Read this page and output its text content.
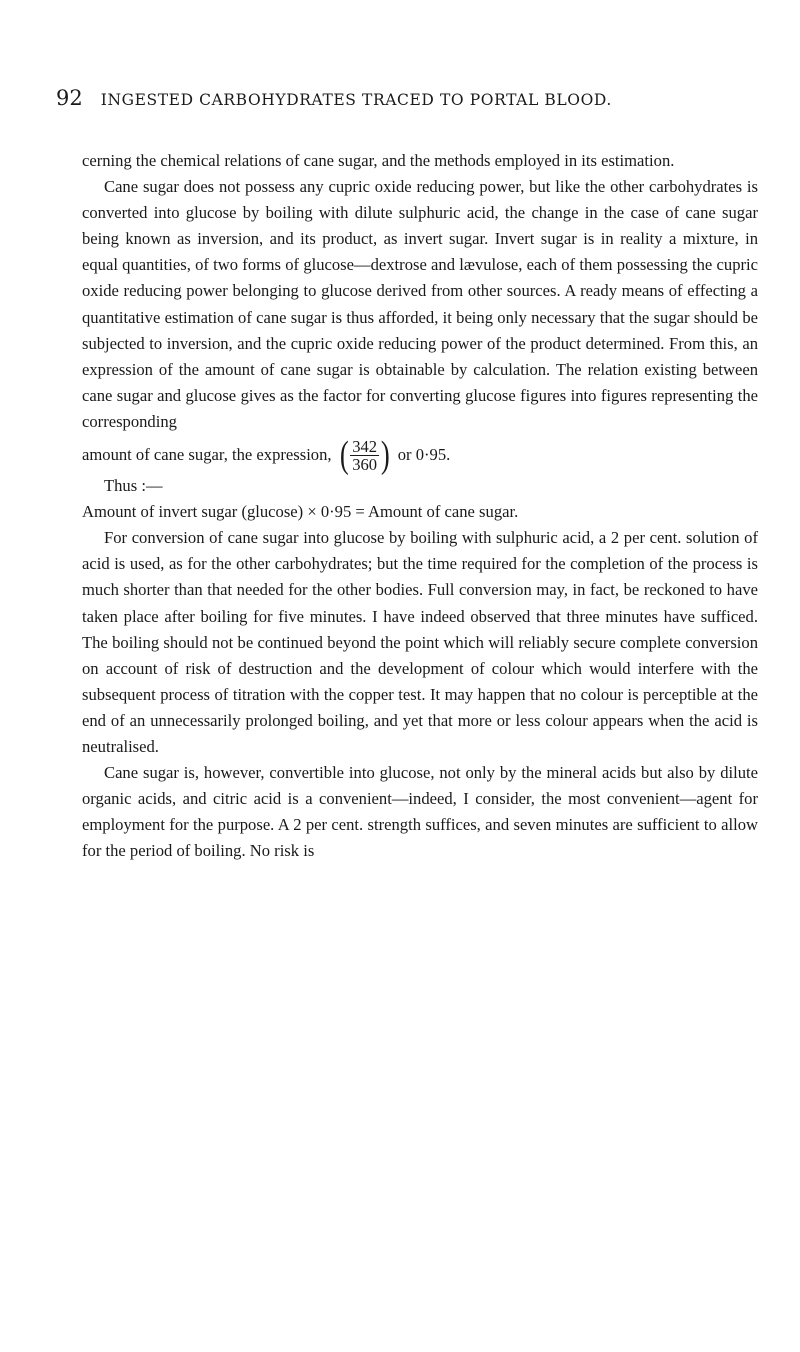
92 INGESTED CARBOHYDRATES TRACED TO PORTAL BLOOD.

cerning the chemical relations of cane sugar, and the methods employed in its estimation.

Cane sugar does not possess any cupric oxide reducing power, but like the other carbohydrates is converted into glucose by boiling with dilute sulphuric acid, the change in the case of cane sugar being known as inversion, and its product, as invert sugar. Invert sugar is in reality a mixture, in equal quantities, of two forms of glucose—dextrose and lævulose, each of them possessing the cupric oxide reducing power belonging to glucose derived from other sources. A ready means of effecting a quantitative estimation of cane sugar is thus afforded, it being only necessary that the sugar should be subjected to inversion, and the cupric oxide reducing power of the product determined. From this, an expression of the amount of cane sugar is obtainable by calculation. The relation existing between cane sugar and glucose gives as the factor for converting glucose figures into figures representing the corresponding

amount of cane sugar, the expression, ( $\frac{342}{360}$ ) or 0·95.

Thus :—

Amount of invert sugar (glucose) × 0·95 = Amount of cane sugar.

For conversion of cane sugar into glucose by boiling with sulphuric acid, a 2 per cent. solution of acid is used, as for the other carbohydrates; but the time required for the completion of the process is much shorter than that needed for the other bodies. Full conversion may, in fact, be reckoned to have taken place after boiling for five minutes. I have indeed observed that three minutes have sufficed. The boiling should not be continued beyond the point which will reliably secure complete conversion on account of risk of destruction and the development of colour which would interfere with the subsequent process of titration with the copper test. It may happen that no colour is perceptible at the end of an unnecessarily prolonged boiling, and yet that more or less colour appears when the acid is neutralised.

Cane sugar is, however, convertible into glucose, not only by the mineral acids but also by dilute organic acids, and citric acid is a convenient—indeed, I consider, the most convenient—agent for employment for the purpose. A 2 per cent. strength suffices, and seven minutes are sufficient to allow for the period of boiling. No risk is
